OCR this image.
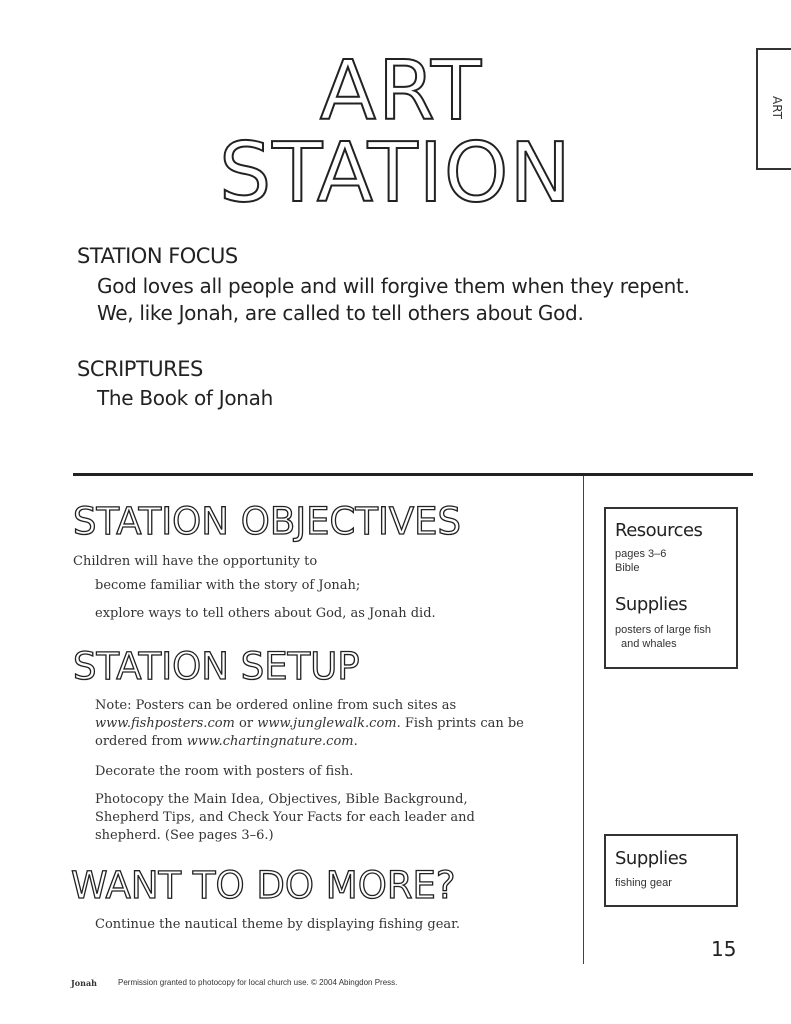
ART
STATION
ART
STATION FOCUS
God loves all people and will forgive them when they repent.
We, like Jonah, are called to tell others about God.
SCRIPTURES
The Book of Jonah
STATION OBJECTIVES
Children will have the opportunity to
become familiar with the story of Jonah;
explore ways to tell others about God, as Jonah did.
STATION SETUP
Note: Posters can be ordered online from such sites as
www.fishposters.com or www.junglewalk.com. Fish prints can be
ordered from www.chartingnature.com.
Decorate the room with posters of fish.
Photocopy the Main Idea, Objectives, Bible Background,
Shepherd Tips, and Check Your Facts for each leader and
shepherd. (See pages 3–6.)
WANT TO DO MORE?
Continue the nautical theme by displaying fishing gear.
Resources
pages 3–6
Bible
Supplies
posters of large fish
and whales
Supplies
fishing gear
15
Jonah	Permission granted to photocopy for local church use. © 2004 Abingdon Press.
